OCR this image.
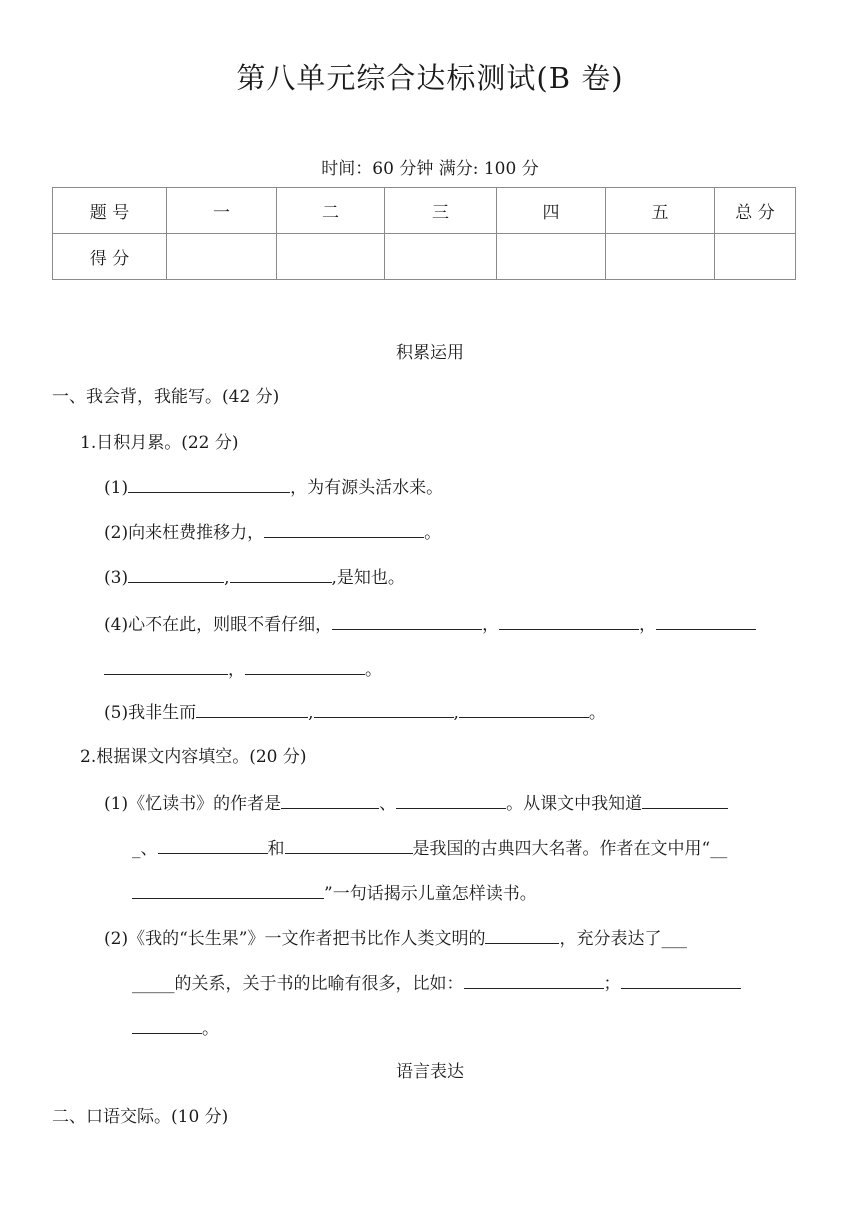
第八单元综合达标测试(B 卷)
时间：60 分钟 满分: 100 分
题 号	一	二	三	四	五	总 分
得 分						
积累运用
一、我会背，我能写。(42 分)
1.日积月累。(22 分)
(1)	，为有源头活水来。
(2)向来枉费推移力，	。
(3)	,	,是知也。
(4)心不在此，则眼不看仔细，	，	，
，	。
(5)我非生而	,	,	。
2.根据课文内容填空。(20 分)
(1)《忆读书》的作者是	、	。从课文中我知道
_、	和	是我国的古典四大名著。作者在文中用“__
”一句话揭示儿童怎样读书。
(2)《我的“长生果”》一文作者把书比作人类文明的	，充分表达了___
_____的关系，关于书的比喻有很多，比如：	；
。
语言表达
二、口语交际。(10 分)
